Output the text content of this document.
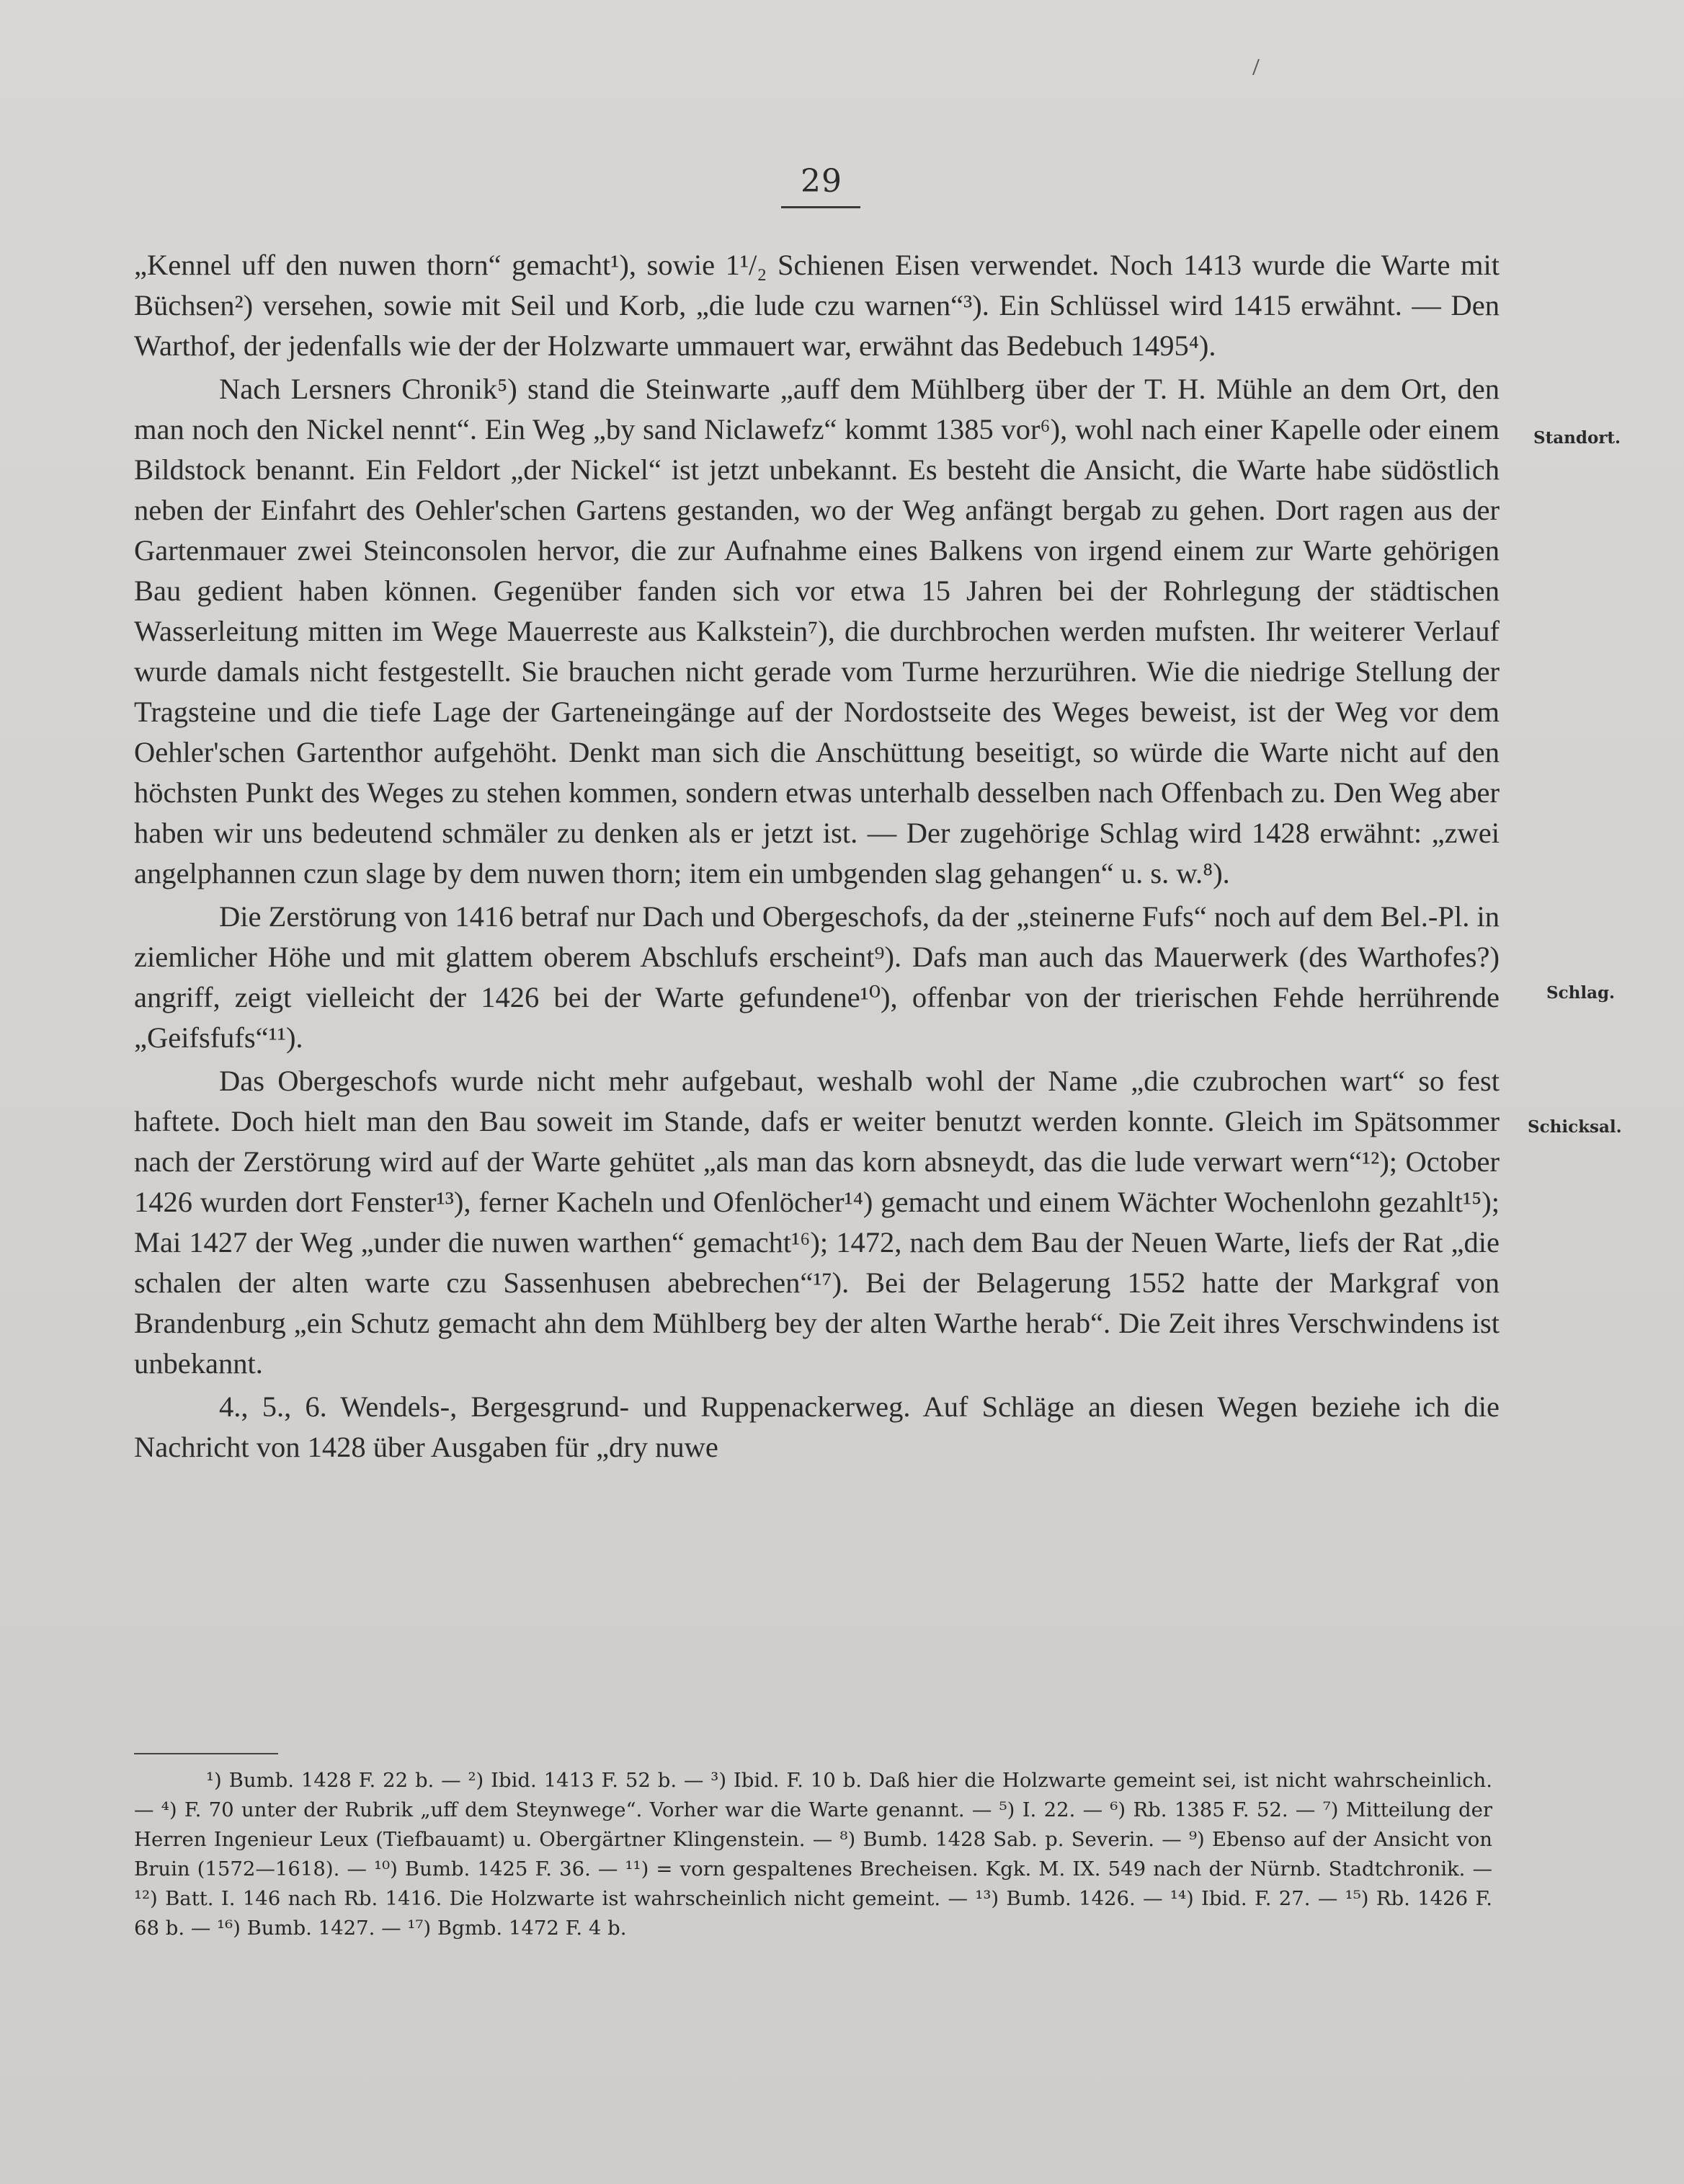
29

„Kennel uff den nuwen thorn“ gemacht¹), sowie 1¹/₂ Schienen Eisen verwendet. Noch 1413 wurde die Warte mit Büchsen²) versehen, sowie mit Seil und Korb, „die lude czu warnen“³). Ein Schlüssel wird 1415 erwähnt. — Den Warthof, der jedenfalls wie der der Holzwarte ummauert war, erwähnt das Bedebuch 1495⁴).

Nach Lersners Chronik⁵) stand die Steinwarte „auff dem Mühlberg über der T. H. Mühle an dem Ort, den man noch den Nickel nennt“. Ein Weg „by sand Niclawefz“ kommt 1385 vor⁶), wohl nach einer Kapelle oder einem Bildstock benannt. Ein Feldort „der Nickel“ ist jetzt unbekannt. Es besteht die Ansicht, die Warte habe südöstlich neben der Einfahrt des Oehler'schen Gartens gestanden, wo der Weg anfängt bergab zu gehen. Dort ragen aus der Gartenmauer zwei Steinconsolen hervor, die zur Aufnahme eines Balkens von irgend einem zur Warte gehörigen Bau gedient haben können. Gegenüber fanden sich vor etwa 15 Jahren bei der Rohrlegung der städtischen Wasserleitung mitten im Wege Mauerreste aus Kalkstein⁷), die durchbrochen werden mufsten. Ihr weiterer Verlauf wurde damals nicht festgestellt. Sie brauchen nicht gerade vom Turme herzurühren. Wie die niedrige Stellung der Tragsteine und die tiefe Lage der Garteneingänge auf der Nordostseite des Weges beweist, ist der Weg vor dem Oehler'schen Gartenthor aufgehöht. Denkt man sich die Anschüttung beseitigt, so würde die Warte nicht auf den höchsten Punkt des Weges zu stehen kommen, sondern etwas unterhalb desselben nach Offenbach zu. Den Weg aber haben wir uns bedeutend schmäler zu denken als er jetzt ist. — Der zugehörige Schlag wird 1428 erwähnt: „zwei angelphannen czun slage by dem nuwen thorn; item ein umbgenden slag gehangen“ u. s. w.⁸).

Die Zerstörung von 1416 betraf nur Dach und Obergeschofs, da der „steinerne Fufs“ noch auf dem Bel.-Pl. in ziemlicher Höhe und mit glattem oberem Abschlufs erscheint⁹). Dafs man auch das Mauerwerk (des Warthofes?) angriff, zeigt vielleicht der 1426 bei der Warte gefundene¹⁰), offenbar von der trierischen Fehde herrührende „Geifsfufs“¹¹).

Das Obergeschofs wurde nicht mehr aufgebaut, weshalb wohl der Name „die czubrochen wart“ so fest haftete. Doch hielt man den Bau soweit im Stande, dafs er weiter benutzt werden konnte. Gleich im Spätsommer nach der Zerstörung wird auf der Warte gehütet „als man das korn absneydt, das die lude verwart wern“¹²); October 1426 wurden dort Fenster¹³), ferner Kacheln und Ofenlöcher¹⁴) gemacht und einem Wächter Wochenlohn gezahlt¹⁵); Mai 1427 der Weg „under die nuwen warthen“ gemacht¹⁶); 1472, nach dem Bau der Neuen Warte, liefs der Rat „die schalen der alten warte czu Sassenhusen abebrechen“¹⁷). Bei der Belagerung 1552 hatte der Markgraf von Brandenburg „ein Schutz gemacht ahn dem Mühlberg bey der alten Warthe herab“. Die Zeit ihres Verschwindens ist unbekannt.

4., 5., 6. Wendels-, Bergesgrund- und Ruppenackerweg. Auf Schläge an diesen Wegen beziehe ich die Nachricht von 1428 über Ausgaben für „dry nuwe

Standort.
Schlag.
Schicksal.

¹) Bumb. 1428 F. 22 b. — ²) Ibid. 1413 F. 52 b. — ³) Ibid. F. 10 b. Daß hier die Holzwarte gemeint sei, ist nicht wahrscheinlich. — ⁴) F. 70 unter der Rubrik „uff dem Steynwege“. Vorher war die Warte genannt. — ⁵) I. 22. — ⁶) Rb. 1385 F. 52. — ⁷) Mitteilung der Herren Ingenieur Leux (Tiefbauamt) u. Obergärtner Klingenstein. — ⁸) Bumb. 1428 Sab. p. Severin. — ⁹) Ebenso auf der Ansicht von Bruin (1572—1618). — ¹⁰) Bumb. 1425 F. 36. — ¹¹) = vorn gespaltenes Brecheisen. Kgk. M. IX. 549 nach der Nürnb. Stadtchronik. — ¹²) Batt. I. 146 nach Rb. 1416. Die Holzwarte ist wahrscheinlich nicht gemeint. — ¹³) Bumb. 1426. — ¹⁴) Ibid. F. 27. — ¹⁵) Rb. 1426 F. 68 b. — ¹⁶) Bumb. 1427. — ¹⁷) Bgmb. 1472 F. 4 b.
